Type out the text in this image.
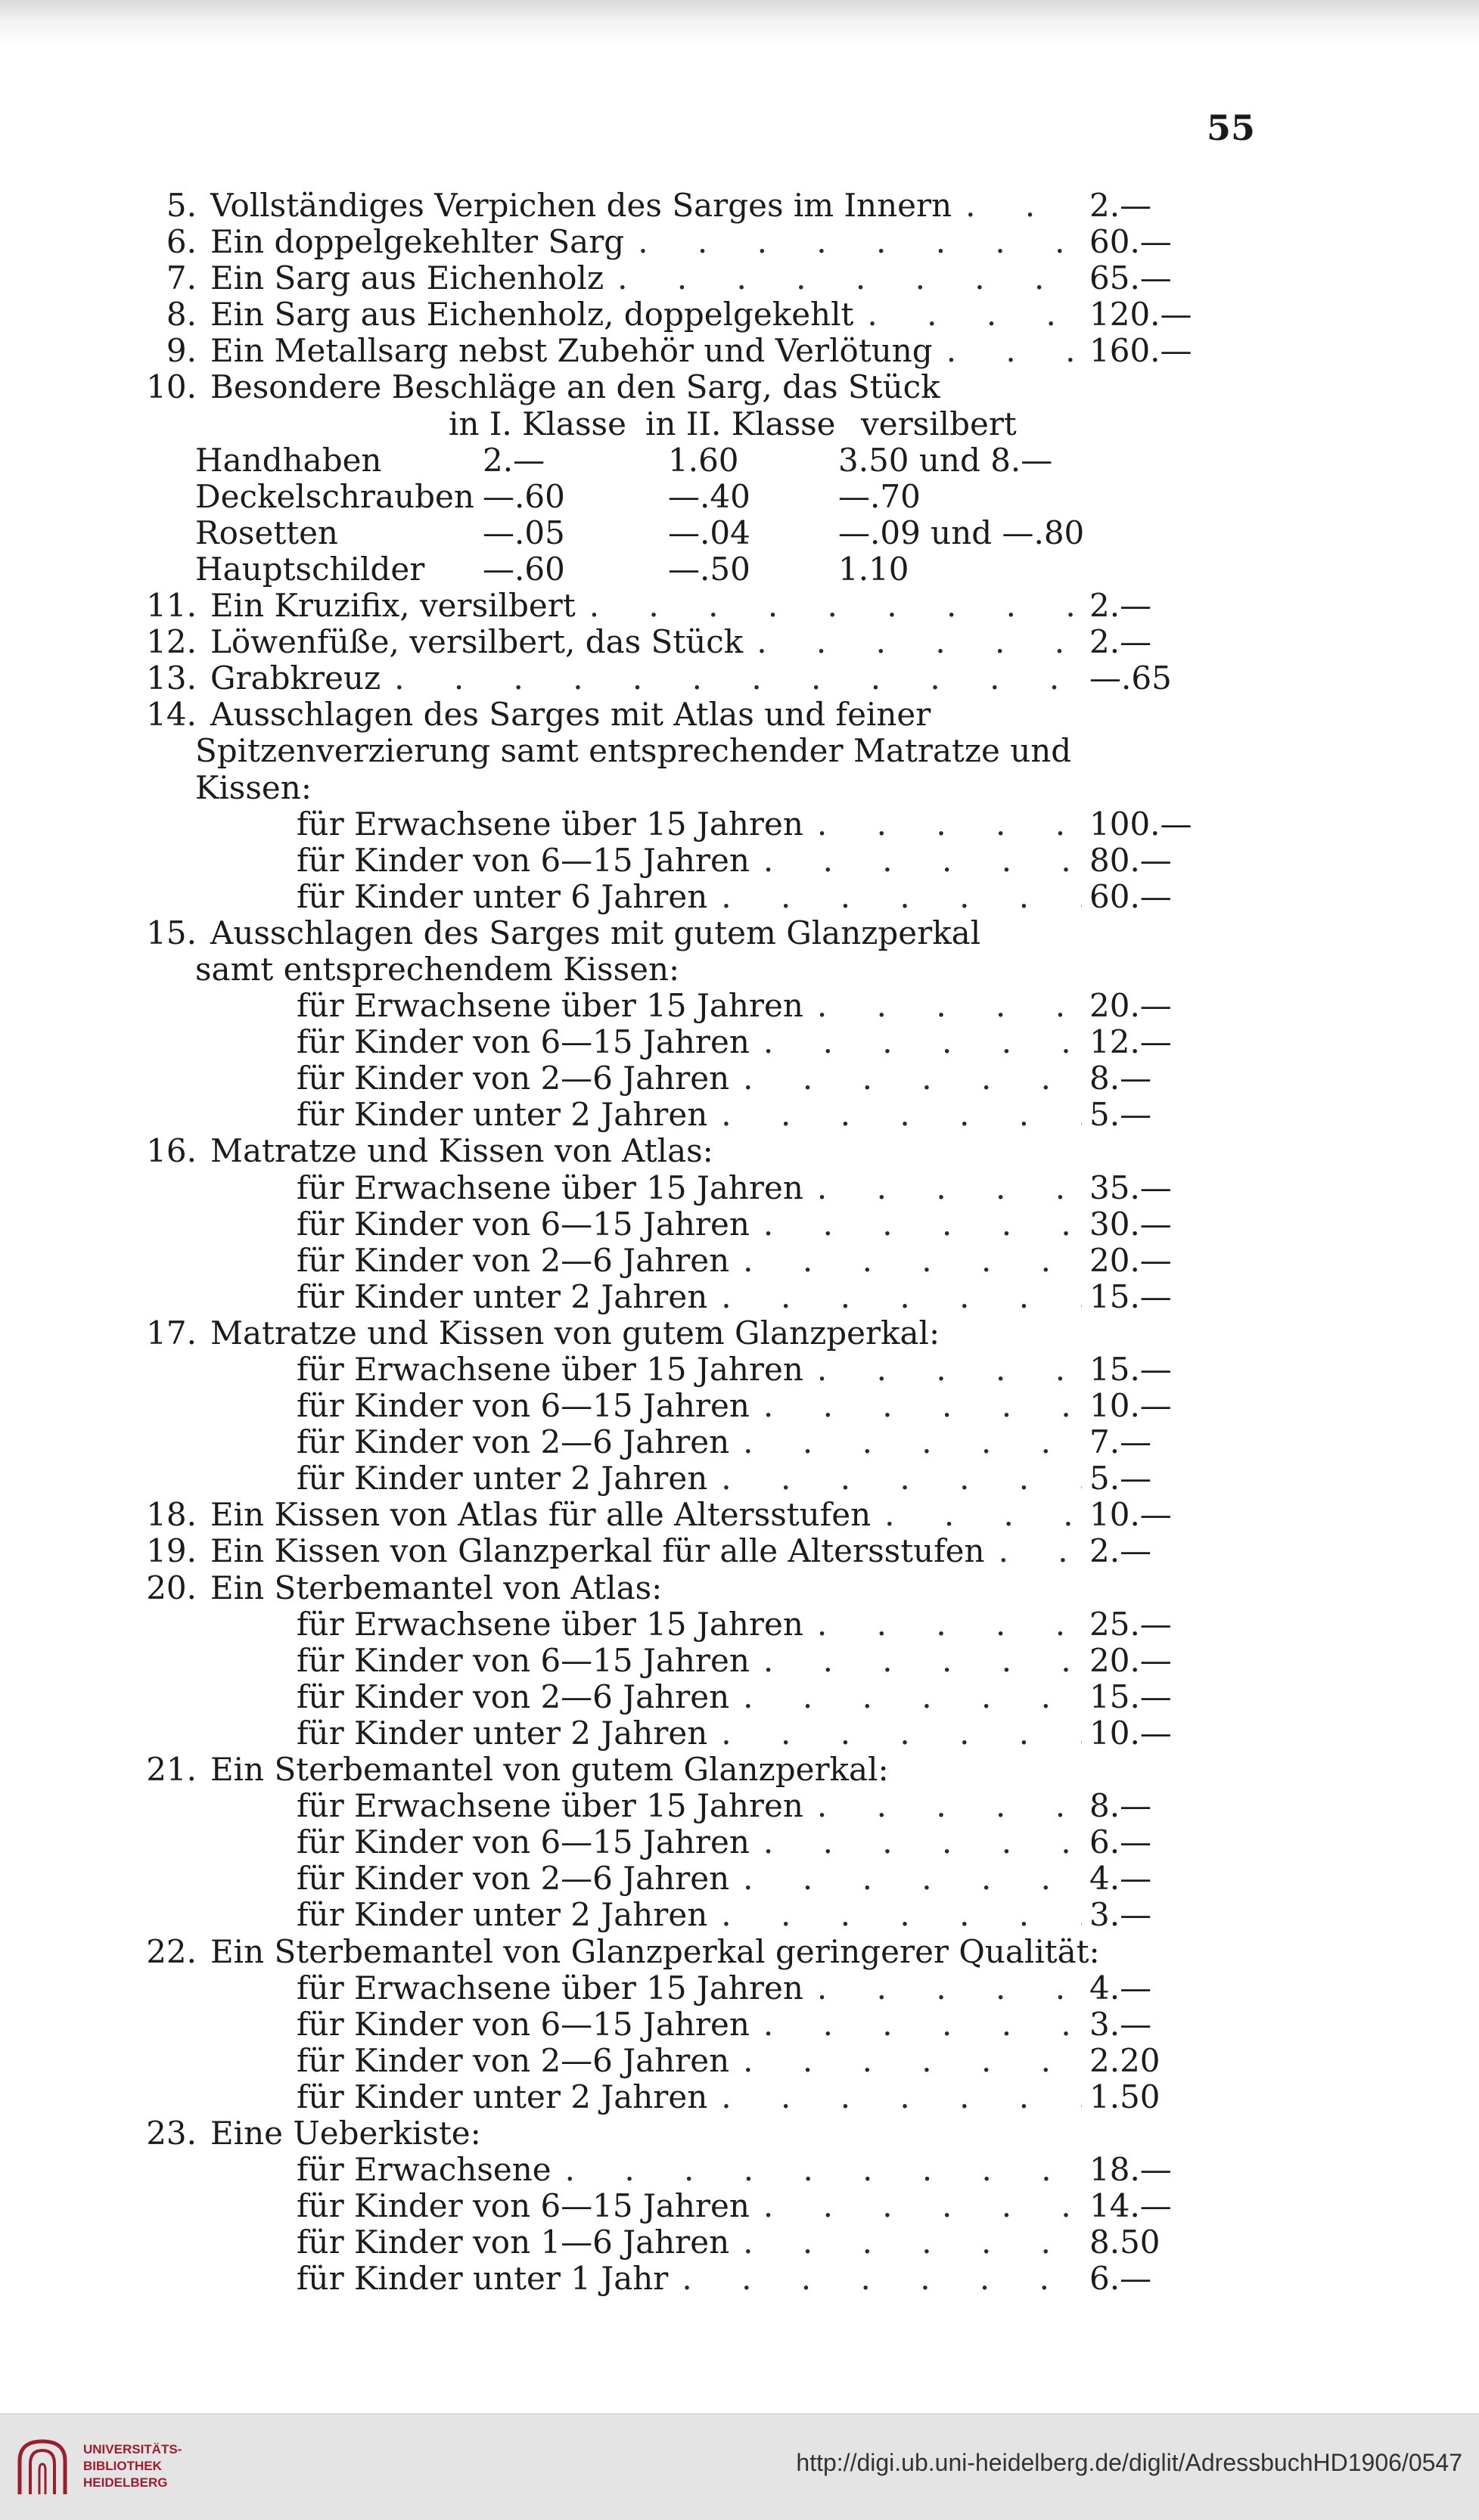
55
5. Vollständiges Verpichen des Sarges im Innern . . .	2.—
6. Ein doppelgekehlter Sarg . . .	60.—
7. Ein Sarg aus Eichenholz . . .	65.—
8. Ein Sarg aus Eichenholz, doppelgekehlt . . .	120.—
9. Ein Metallsarg nebst Zubehör und Verlötung . . .	160.—
10. Besondere Beschläge an den Sarg, das Stück
in I. Klasse in II. Klasse versilbert
Handhaben	2.—	1.60	3.50 und 8.—
Deckelschrauben —.60	—.40	—.70
Rosetten	—.05	—.04	—.09 und —.80
Hauptschilder	—.60	—.50	1.10
11. Ein Kruzifix, versilbert . . .	2.—
12. Löwenfüße, versilbert, das Stück . . .	2.—
13. Grabkreuz . . .	—.65
14. Ausschlagen des Sarges mit Atlas und feiner
Spitzenverzierung samt entsprechender Matratze und
Kissen:
für Erwachsene über 15 Jahren . . .	100.—
für Kinder von 6—15 Jahren . . .	80.—
für Kinder unter 6 Jahren . . .	60.—
15. Ausschlagen des Sarges mit gutem Glanzperkal
samt entsprechendem Kissen:
für Erwachsene über 15 Jahren . . .	20.—
für Kinder von 6—15 Jahren . . .	12.—
für Kinder von 2—6 Jahren . . .	8.—
für Kinder unter 2 Jahren . . .	5.—
16. Matratze und Kissen von Atlas:
für Erwachsene über 15 Jahren . . .	35.—
für Kinder von 6—15 Jahren . . .	30.—
für Kinder von 2—6 Jahren . . .	20.—
für Kinder unter 2 Jahren . . .	15.—
17. Matratze und Kissen von gutem Glanzperkal:
für Erwachsene über 15 Jahren . . .	15.—
für Kinder von 6—15 Jahren . . .	10.—
für Kinder von 2—6 Jahren . . .	7.—
für Kinder unter 2 Jahren . . .	5.—
18. Ein Kissen von Atlas für alle Altersstufen . . .	10.—
19. Ein Kissen von Glanzperkal für alle Altersstufen . . .	2.—
20. Ein Sterbemantel von Atlas:
für Erwachsene über 15 Jahren . . .	25.—
für Kinder von 6—15 Jahren . . .	20.—
für Kinder von 2—6 Jahren . . .	15.—
für Kinder unter 2 Jahren . . .	10.—
21. Ein Sterbemantel von gutem Glanzperkal:
für Erwachsene über 15 Jahren . . .	8.—
für Kinder von 6—15 Jahren . . .	6.—
für Kinder von 2—6 Jahren . . .	4.—
für Kinder unter 2 Jahren . . .	3.—
22. Ein Sterbemantel von Glanzperkal geringerer Qualität:
für Erwachsene über 15 Jahren . . .	4.—
für Kinder von 6—15 Jahren . . .	3.—
für Kinder von 2—6 Jahren . . .	2.20
für Kinder unter 2 Jahren . . .	1.50
23. Eine Ueberkiste:
für Erwachsene . . .	18.—
für Kinder von 6—15 Jahren . . .	14.—
für Kinder von 1—6 Jahren . . .	8.50
für Kinder unter 1 Jahr . . .	6.—
UNIVERSITÄTS-
BIBLIOTHEK
HEIDELBERG
http://digi.ub.uni-heidelberg.de/diglit/AdressbuchHD1906/0547
